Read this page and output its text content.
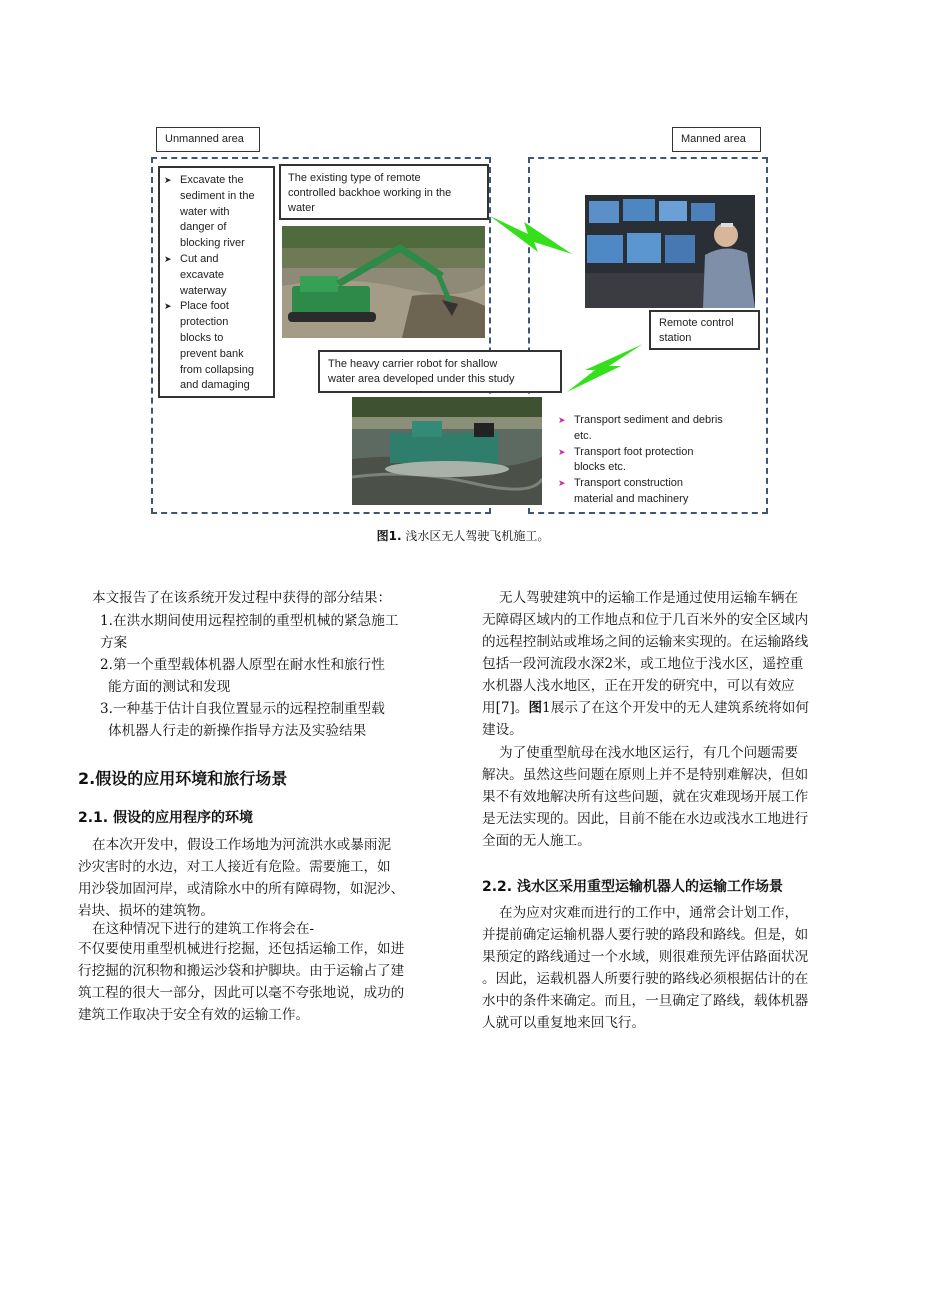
Unmanned area	Manned area
➤ Excavate the
sediment in the
water with
danger of
blocking river
➤ Cut and
excavate
waterway
➤ Place foot
protection
blocks to
prevent bank
from collapsing
and damaging
The existing type of remote
controlled backhoe working in the
water
Remote control
station
The heavy carrier robot for shallow
water area developed under this study
➤ Transport sediment and debris
etc.
➤ Transport foot protection
blocks etc.
➤ Transport construction
material and machinery
图1. 浅水区无人驾驶飞机施工。
本文报告了在该系统开发过程中获得的部分结果：
1.在洪水期间使用远程控制的重型机械的紧急施工
方案
2.第一个重型载体机器人原型在耐水性和旅行性
能方面的测试和发现
3.一种基于估计自我位置显示的远程控制重型载
体机器人行走的新操作指导方法及实验结果
2.假设的应用环境和旅行场景
2.1. 假设的应用程序的环境
在本次开发中，假设工作场地为河流洪水或暴雨泥
沙灾害时的水边，对工人接近有危险。需要施工，如
用沙袋加固河岸，或清除水中的所有障碍物，如泥沙、
岩块、损坏的建筑物。
在这种情况下进行的建筑工作将会在-
不仅要使用重型机械进行挖掘，还包括运输工作，如进
行挖掘的沉积物和搬运沙袋和护脚块。由于运输占了建
筑工程的很大一部分，因此可以毫不夸张地说，成功的
建筑工作取决于安全有效的运输工作。
无人驾驶建筑中的运输工作是通过使用运输车辆在
无障碍区域内的工作地点和位于几百米外的安全区域内
的远程控制站或堆场之间的运输来实现的。在运输路线
包括一段河流段水深2米，或工地位于浅水区，遥控重
水机器人浅水地区，正在开发的研究中，可以有效应
用[7]。图1展示了在这个开发中的无人建筑系统将如何
建设。
为了使重型航母在浅水地区运行，有几个问题需要
解决。虽然这些问题在原则上并不是特别难解决，但如
果不有效地解决所有这些问题，就在灾难现场开展工作
是无法实现的。因此，目前不能在水边或浅水工地进行
全面的无人施工。
2.2. 浅水区采用重型运输机器人的运输工作场景
在为应对灾难而进行的工作中，通常会计划工作，
并提前确定运输机器人要行驶的路段和路线。但是，如
果预定的路线通过一个水域，则很难预先评估路面状况
。因此，运载机器人所要行驶的路线必须根据估计的在
水中的条件来确定。而且，一旦确定了路线，载体机器
人就可以重复地来回飞行。
